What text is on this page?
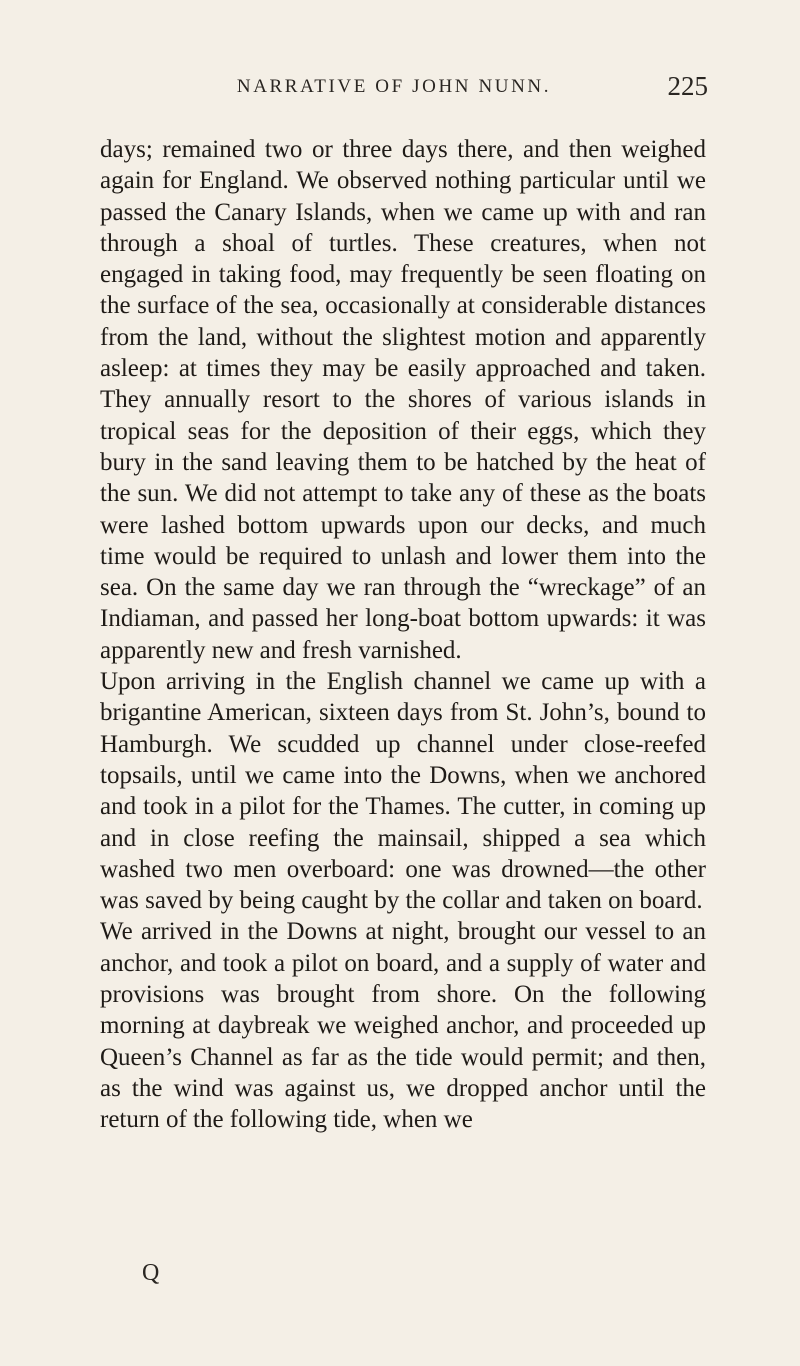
NARRATIVE OF JOHN NUNN.	225

days; remained two or three days there, and then weighed again for England. We observed nothing particular until we passed the Canary Islands, when we came up with and ran through a shoal of turtles. These creatures, when not engaged in taking food, may frequently be seen floating on the surface of the sea, occasionally at considerable distances from the land, without the slightest motion and apparently asleep: at times they may be easily approached and taken. They annually resort to the shores of various islands in tropical seas for the deposition of their eggs, which they bury in the sand leaving them to be hatched by the heat of the sun. We did not attempt to take any of these as the boats were lashed bottom upwards upon our decks, and much time would be required to unlash and lower them into the sea. On the same day we ran through the “wreckage” of an Indiaman, and passed her long-boat bottom upwards: it was apparently new and fresh varnished.

Upon arriving in the English channel we came up with a brigantine American, sixteen days from St. John’s, bound to Hamburgh. We scudded up channel under close-reefed topsails, until we came into the Downs, when we anchored and took in a pilot for the Thames. The cutter, in coming up and in close reefing the mainsail, shipped a sea which washed two men overboard: one was drowned—the other was saved by being caught by the collar and taken on board.

We arrived in the Downs at night, brought our vessel to an anchor, and took a pilot on board, and a supply of water and provisions was brought from shore. On the following morning at daybreak we weighed anchor, and proceeded up Queen’s Channel as far as the tide would permit; and then, as the wind was against us, we dropped anchor until the return of the following tide, when we

Q
